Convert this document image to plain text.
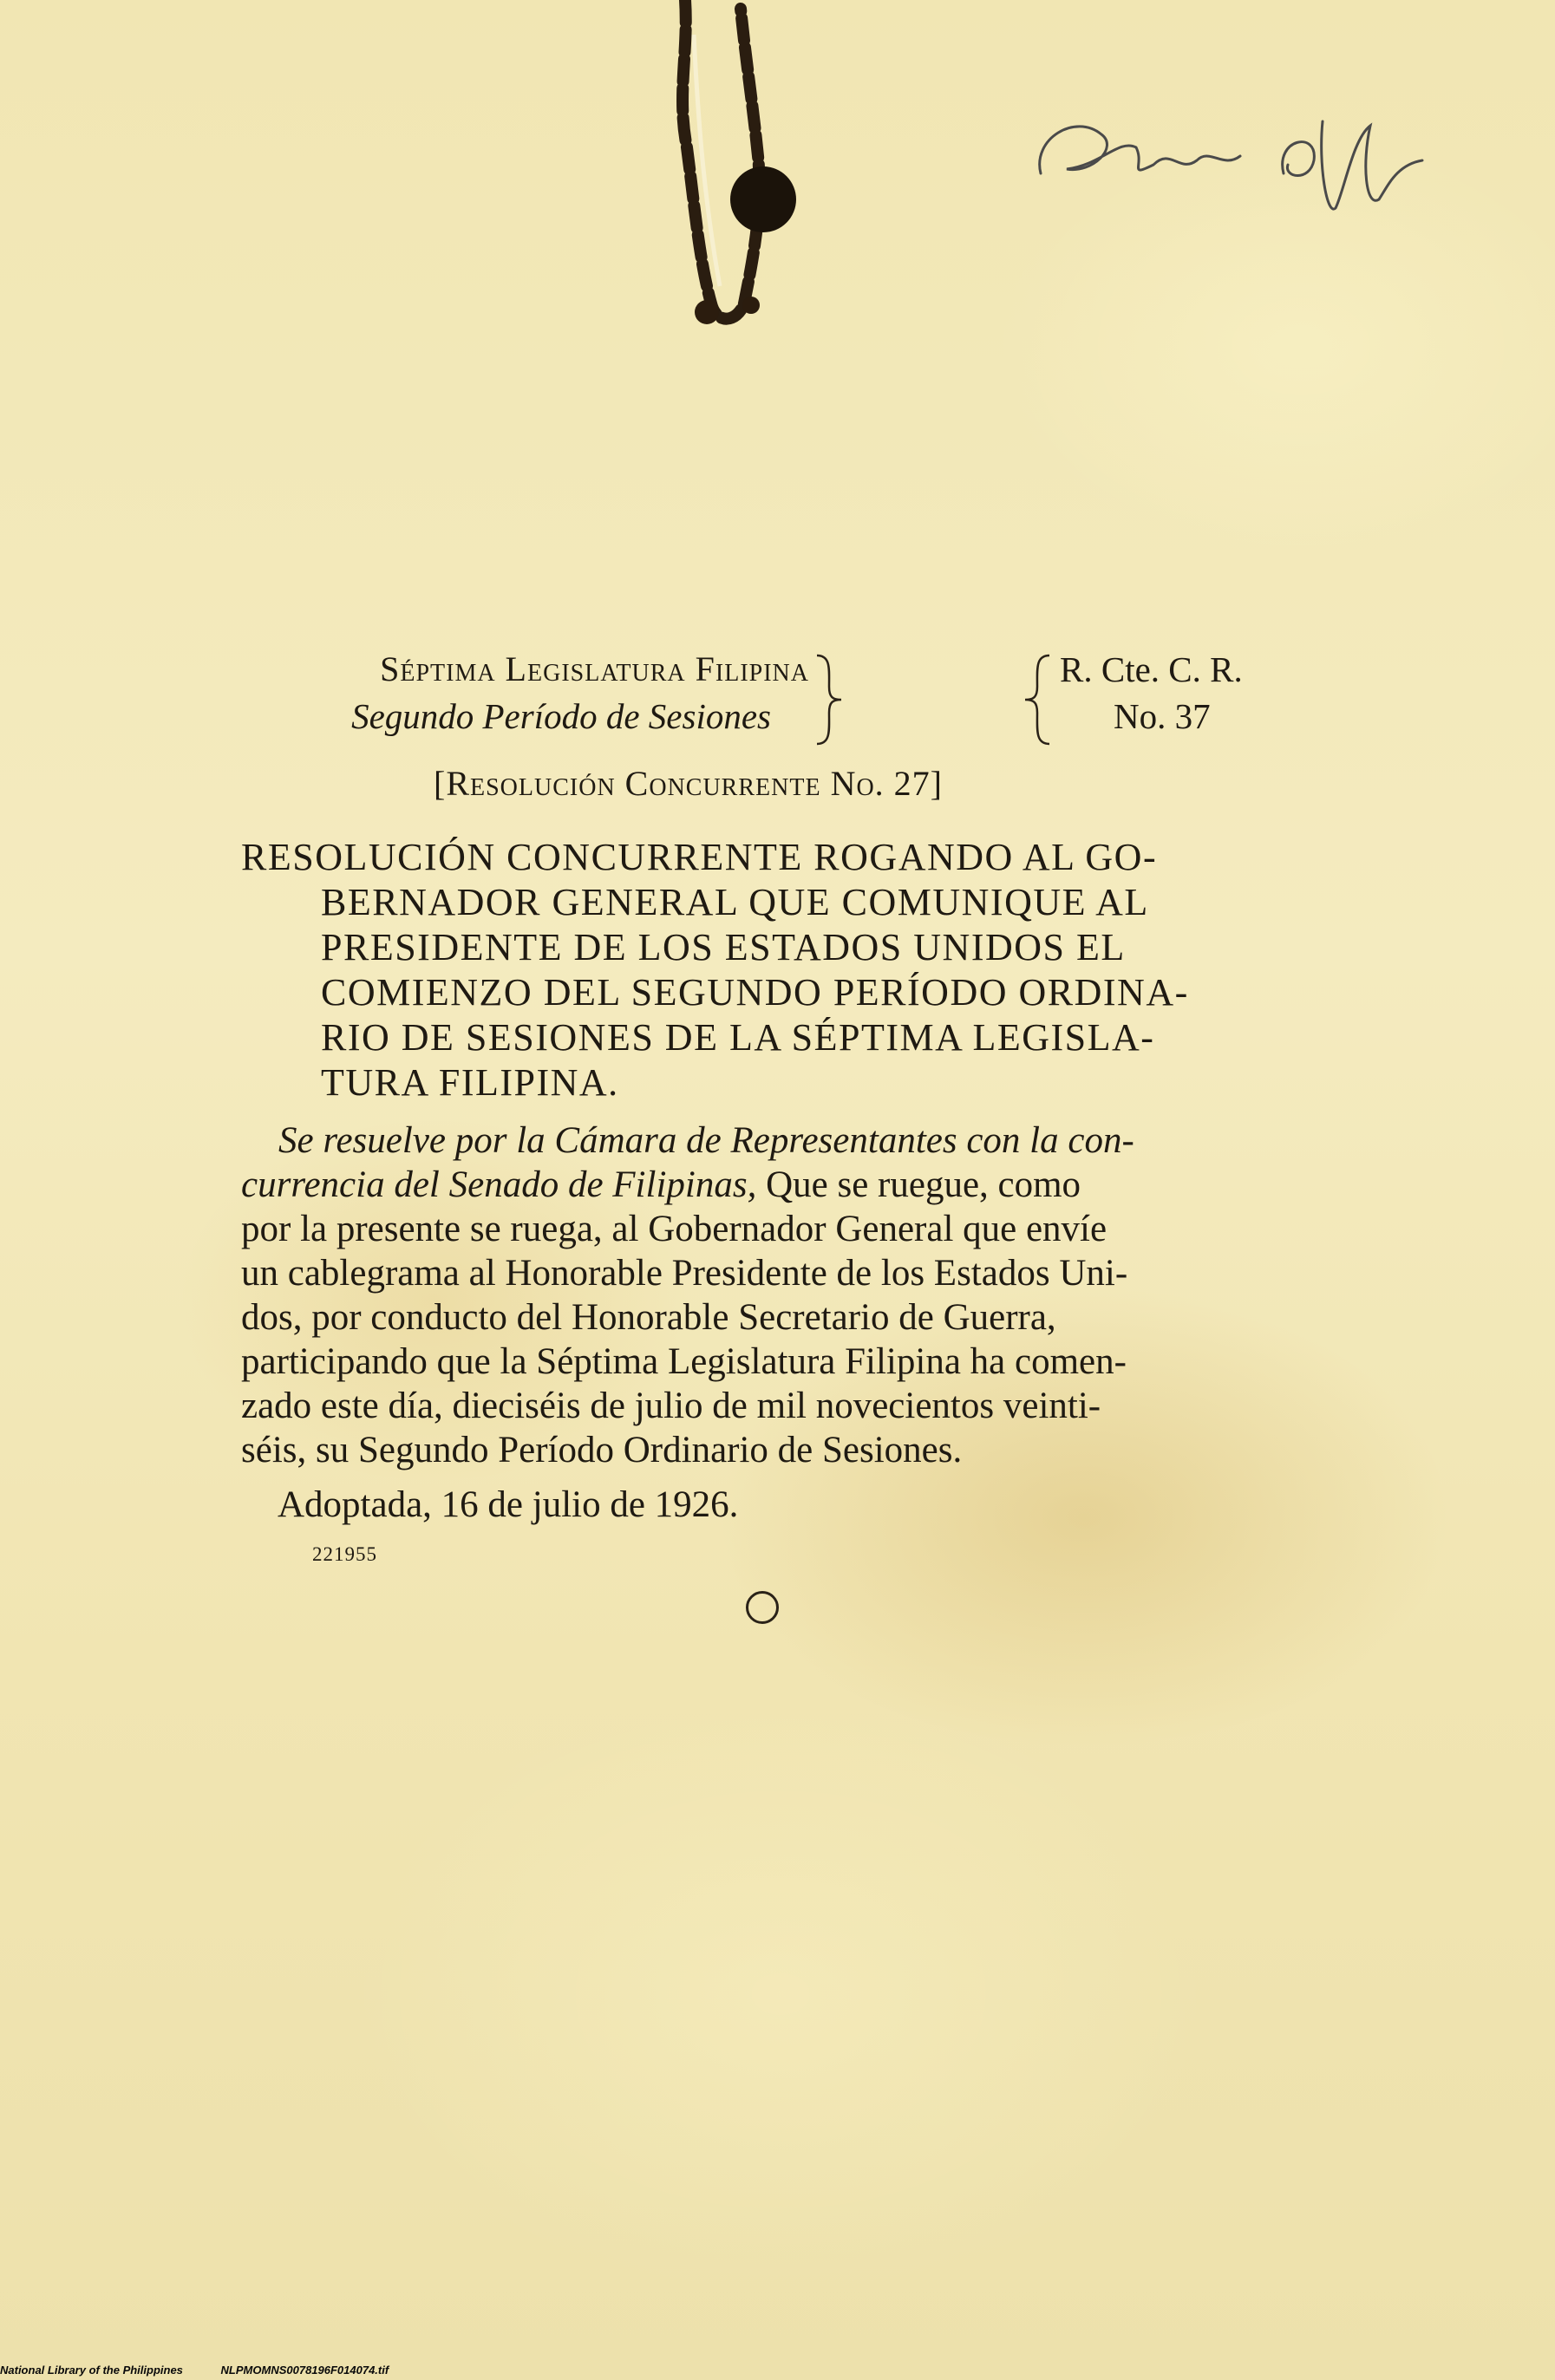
Press off
Séptima Legislatura Filipina
Segundo Período de Sesiones
R. Cte. C. R.
No. 37
[Resolución Concurrente No. 27]
RESOLUCIÓN CONCURRENTE ROGANDO AL GO-
BERNADOR GENERAL QUE COMUNIQUE AL
PRESIDENTE DE LOS ESTADOS UNIDOS EL
COMIENZO DEL SEGUNDO PERÍODO ORDINA-
RIO DE SESIONES DE LA SÉPTIMA LEGISLA-
TURA FILIPINA.
Se resuelve por la Cámara de Representantes con la con-
currencia del Senado de Filipinas, Que se ruegue, como
por la presente se ruega, al Gobernador General que envíe
un cablegrama al Honorable Presidente de los Estados Uni-
dos, por conducto del Honorable Secretario de Guerra,
participando que la Séptima Legislatura Filipina ha comen-
zado este día, dieciséis de julio de mil novecientos veinti-
séis, su Segundo Período Ordinario de Sesiones.
Adoptada, 16 de julio de 1926.
221955
National Library of the Philippines	NLPMOMNS0078196F014074.tif
